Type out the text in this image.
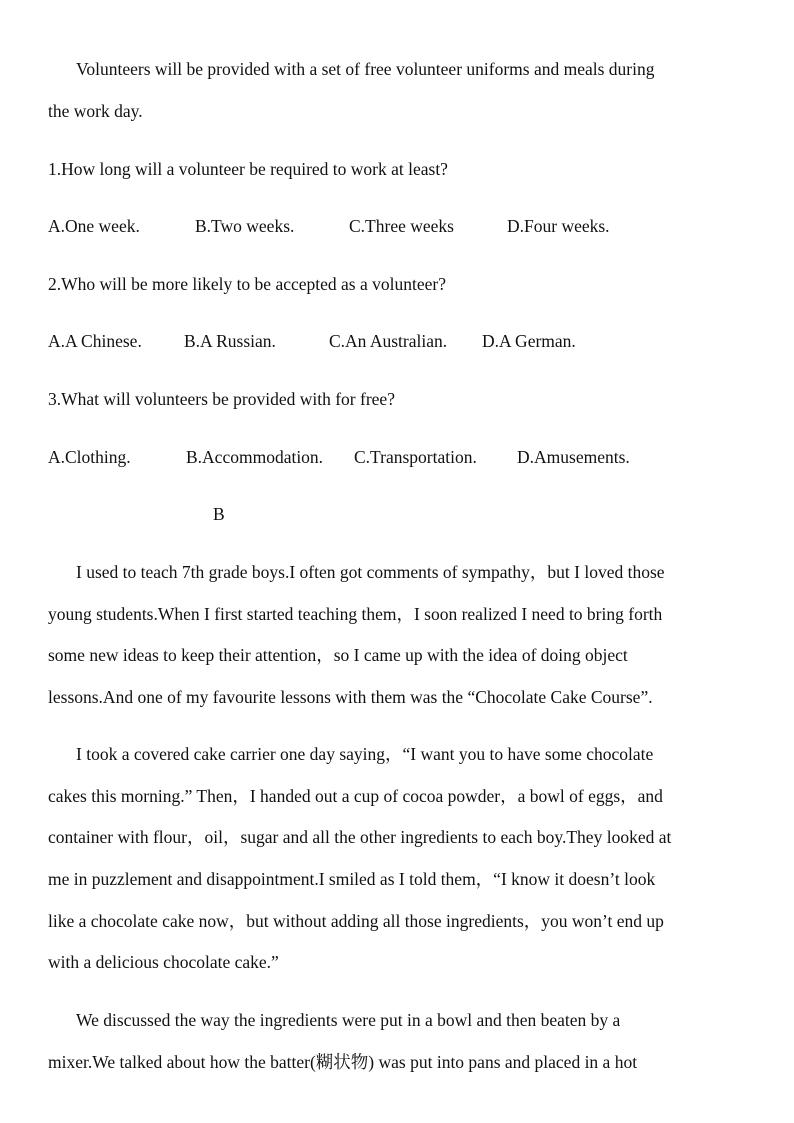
Volunteers will be provided with a set of free volunteer uniforms and meals during
the work day.
1.How long will a volunteer be required to work at least?
A.One week.	B.Two weeks.	C.Three weeks	D.Four weeks.
2.Who will be more likely to be accepted as a volunteer?
A.A Chinese. B.A Russian.	C.An Australian. D.A German.
3.What will volunteers be provided with for free?
A.Clothing.	B.Accommodation. C.Transportation. D.Amusements.
B
I used to teach 7th grade boys.I often got comments of sympathy，but I loved those
young students.When I first started teaching them，I soon realized I need to bring forth
some new ideas to keep their attention，so I came up with the idea of doing object
lessons.And one of my favourite lessons with them was the “Chocolate Cake Course”.
I took a covered cake carrier one day saying，“I want you to have some chocolate
cakes this morning.” Then，I handed out a cup of cocoa powder，a bowl of eggs，and
container with flour，oil，sugar and all the other ingredients to each boy.They looked at
me in puzzlement and disappointment.I smiled as I told them，“I know it doesn’t look
like a chocolate cake now，but without adding all those ingredients，you won’t end up
with a delicious chocolate cake.”
We discussed the way the ingredients were put in a bowl and then beaten by a
mixer.We talked about how the batter(糊状物) was put into pans and placed in a hot
